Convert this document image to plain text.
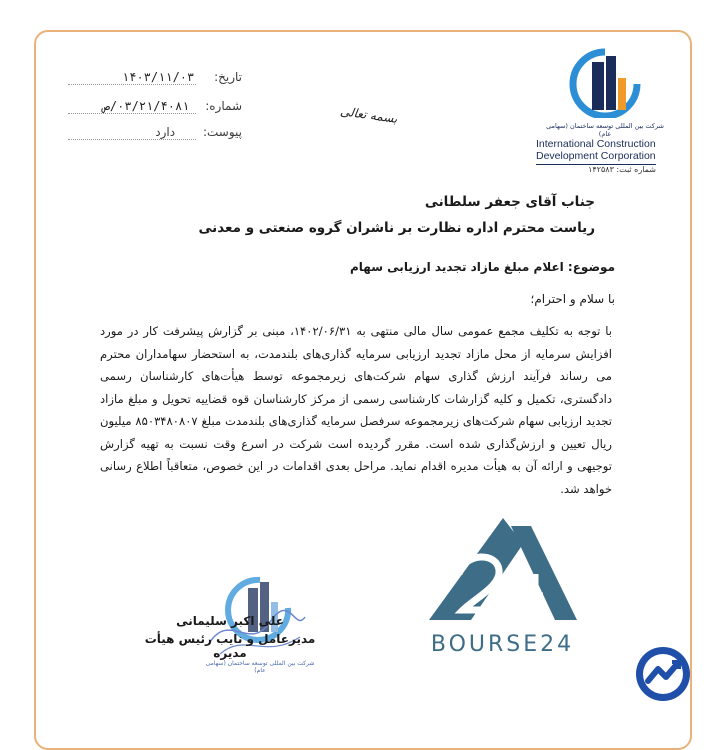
تاریخ: ۱۴۰۳/۱۱/۰۳
شماره: ۰۳/۲۱/۴۰۸۱/ص
پیوست: دارد
بسمه تعالی
شرکت بین المللی توسعه ساختمان (سهامی عام)
International Construction
Development Corporation
شماره ثبت: ۱۴۲۵۸۳
جناب آقای جعفر سلطانی
ریاست محترم اداره نظارت بر ناشران گروه صنعتی و معدنی
موضوع: اعلام مبلغ مازاد تجدید ارزیابی سهام
با سلام و احترام؛
با توجه به تکلیف مجمع عمومی سال مالی منتهی به ۱۴۰۲/۰۶/۳۱، مبنی بر گزارش پیشرفت کار در مورد افزایش سرمایه از محل مازاد تجدید ارزیابی سرمایه گذاری‌های بلندمدت، به استحضار سهامداران محترم می رساند فرآیند ارزش گذاری سهام شرکت‌های زیرمجموعه توسط هیأت‌های کارشناسان رسمی دادگستری، تکمیل و کلیه گزارشات کارشناسی رسمی از مرکز کارشناسان قوه قضاییه تحویل و مبلغ مازاد تجدید ارزیابی سهام شرکت‌های زیرمجموعه سرفصل سرمایه گذاری‌های بلندمدت مبلغ ۸۵۰۳۴۸۰۸۰۷ میلیون ریال تعیین و ارزش‌گذاری شده است. مقرر گردیده است شرکت در اسرع وقت نسبت به تهیه گزارش توجیهی و ارائه آن به هیأت مدیره اقدام نماید. مراحل بعدی اقدامات در این خصوص، متعاقباً اطلاع رسانی خواهد شد.
علی اکبر سلیمانی
مدیرعامل و نایب رئیس هیأت مدیره
شرکت بین المللی توسعه ساختمان (سهامی عام)
BOURSE24
